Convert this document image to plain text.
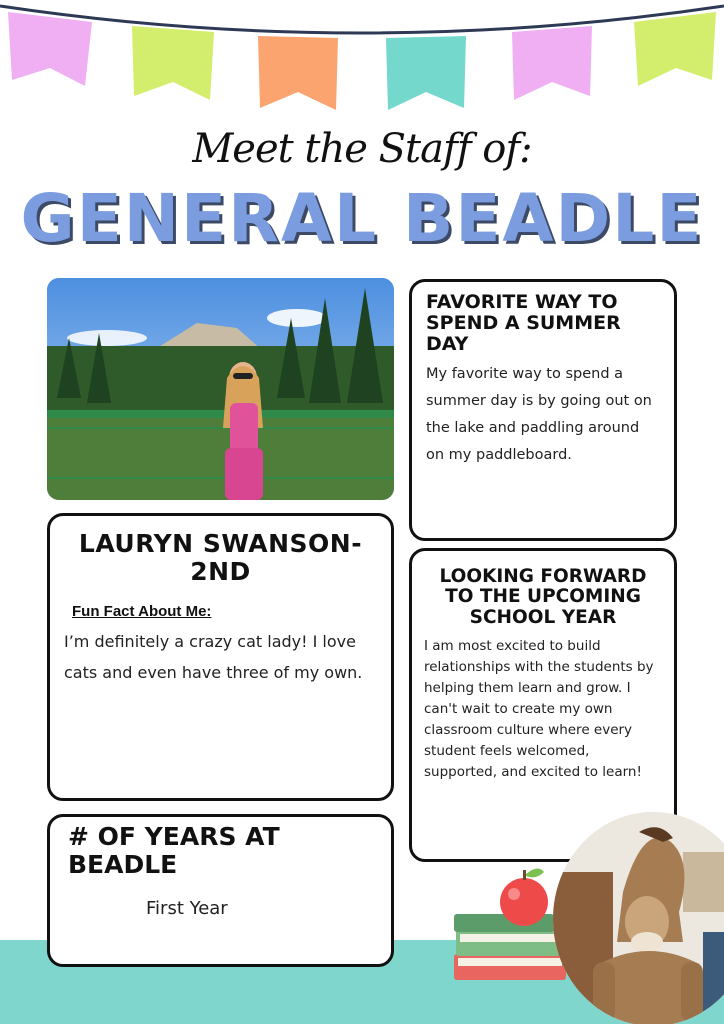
Meet the Staff of:
GENERAL BEADLE
FAVORITE WAY TO SPEND A SUMMER DAY
My favorite way to spend a summer day is by going out on the lake and paddling around on my paddleboard.
LAURYN SWANSON- 2ND
Fun Fact About Me:
I’m definitely a crazy cat lady! I love cats and even have three of my own.
LOOKING FORWARD TO THE UPCOMING SCHOOL YEAR
I am most excited to build relationships with the students by helping them learn and grow. I can't wait to create my own classroom culture where every student feels welcomed, supported, and excited to learn!
# OF YEARS AT BEADLE
First Year
